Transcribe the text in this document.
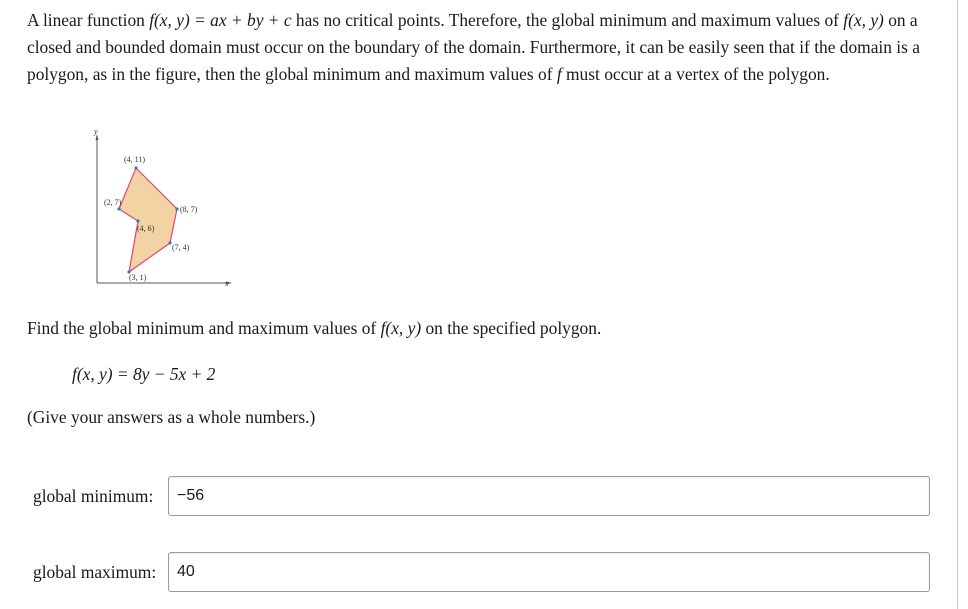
A linear function f(x, y) = ax + by + c has no critical points. Therefore, the global minimum and maximum values of f(x, y) on a closed and bounded domain must occur on the boundary of the domain. Furthermore, it can be easily seen that if the domain is a polygon, as in the figure, then the global minimum and maximum values of f must occur at a vertex of the polygon.

y
x
(4, 11)
(2, 7)
(8, 7)
(4, 6)
(7, 4)
(3, 1)

Find the global minimum and maximum values of f(x, y) on the specified polygon.

f(x, y) = 8y − 5x + 2

(Give your answers as a whole numbers.)

global minimum:	−56
global maximum:	40
